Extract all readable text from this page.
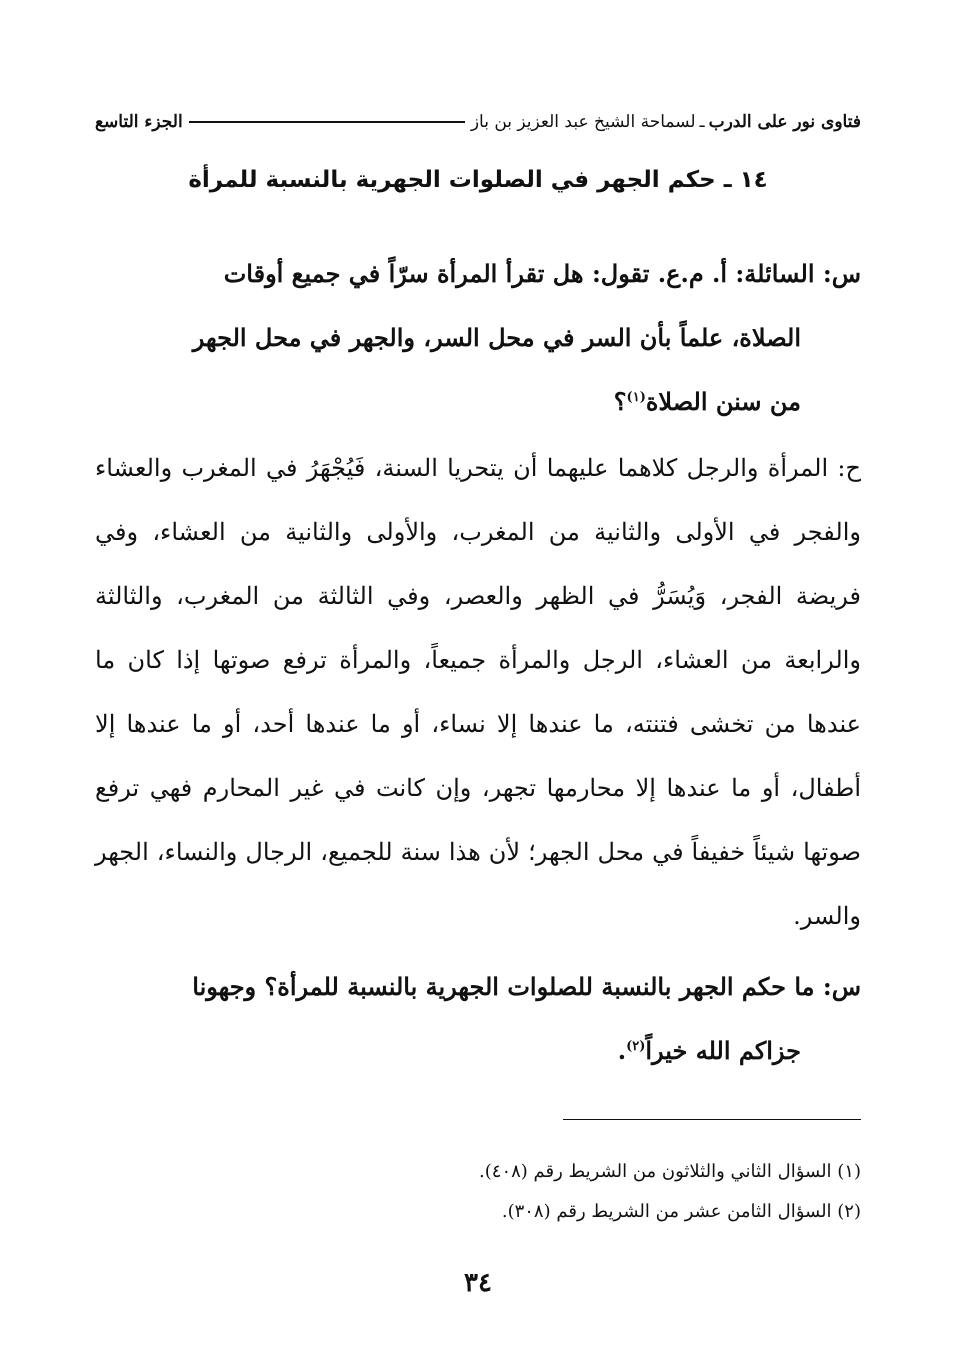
فتاوى نور على الدرب
ـ
لسماحة الشيخ عبد العزيز بن باز
الجزء التاسع
١٤ ـ حكم الجهر في الصلوات الجهرية بالنسبة للمرأة
س: السائلة: أ. م.ع. تقول: هل تقرأ المرأة سرّاً في جميع أوقات
الصلاة، علماً بأن السر في محل السر، والجهر في محل الجهر
من سنن الصلاة$^{(١)}$؟
ح: المرأة والرجل كلاهما عليهما أن يتحريا السنة، فَيُجْهَرُ في المغرب والعشاء والفجر في الأولى والثانية من المغرب، والأولى والثانية من العشاء، وفي فريضة الفجر، وَيُسَرُّ في الظهر والعصر، وفي الثالثة من المغرب، والثالثة والرابعة من العشاء، الرجل والمرأة جميعاً، والمرأة ترفع صوتها إذا كان ما عندها من تخشى فتنته، ما عندها إلا نساء، أو ما عندها أحد، أو ما عندها إلا أطفال، أو ما عندها إلا محارمها تجهر، وإن كانت في غير المحارم فهي ترفع صوتها شيئاً خفيفاً في محل الجهر؛ لأن هذا سنة للجميع، الرجال والنساء، الجهر والسر.
س: ما حكم الجهر بالنسبة للصلوات الجهرية بالنسبة للمرأة؟ وجهونا
جزاكم الله خيراً$^{(٢)}$.
(١) السؤال الثاني والثلاثون من الشريط رقم (٤٠٨).
(٢) السؤال الثامن عشر من الشريط رقم (٣٠٨).
٣٤
